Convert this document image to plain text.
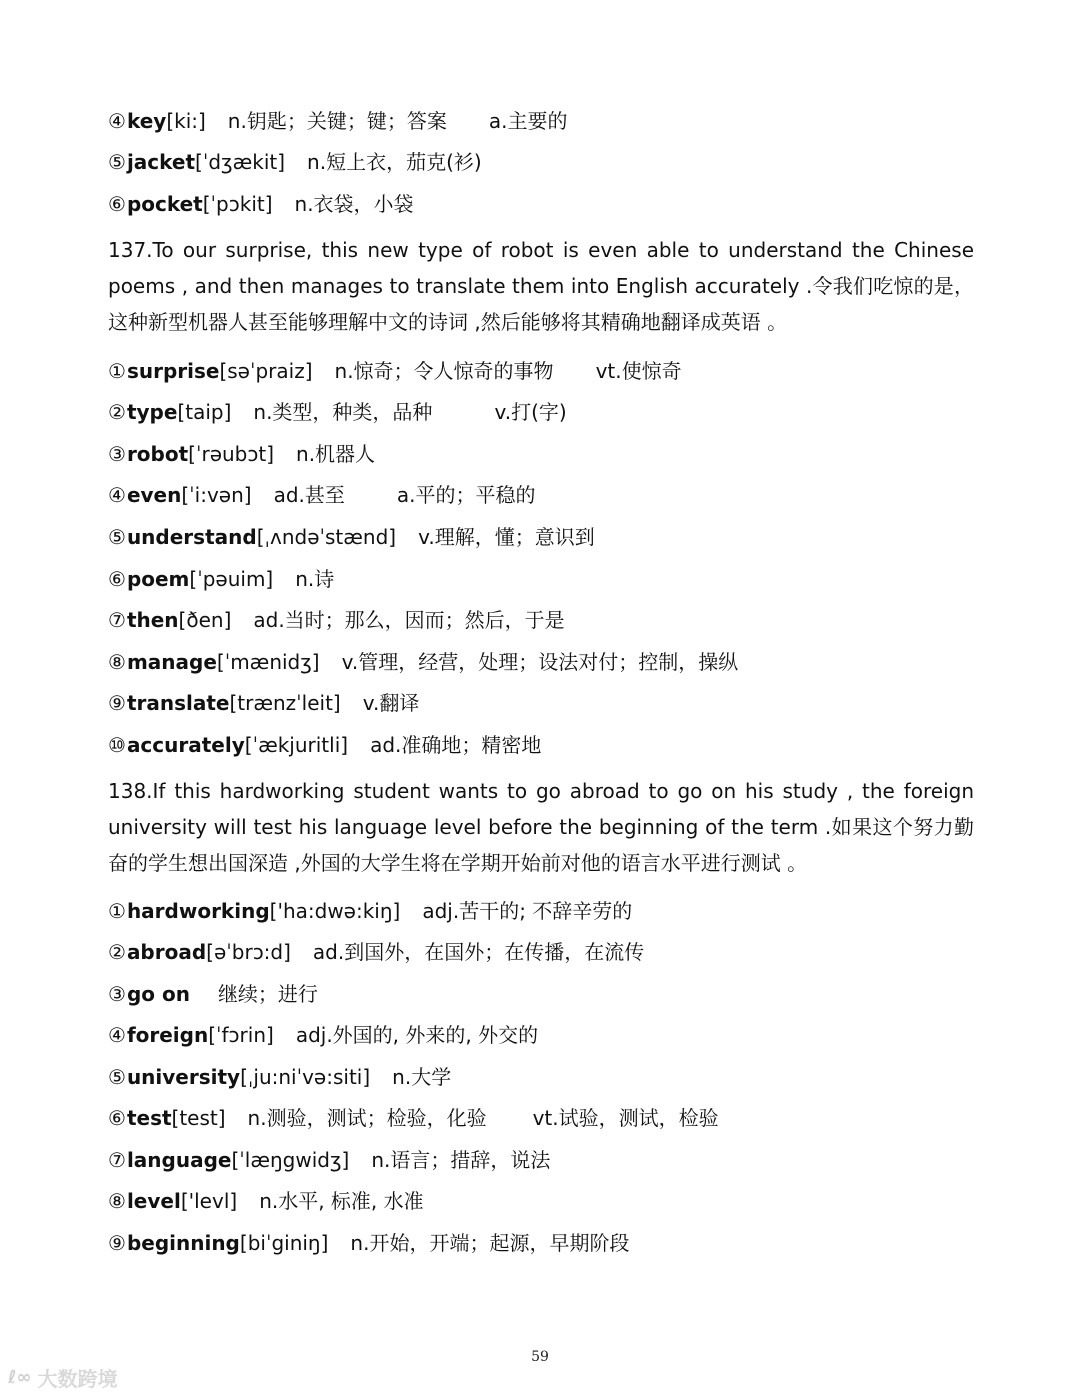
④key[ki:] n.钥匙；关键；键；答案 a.主要的
⑤jacket[ˈdʒækit] n.短上衣，茄克(衫)
⑥pocket[ˈpɔkit] n.衣袋，小袋
137.To our surprise, this new type of robot is even able to understand the Chinese
poems , and then manages to translate them into English accurately .令我们吃惊的是，
这种新型机器人甚至能够理解中文的诗词 ,然后能够将其精确地翻译成英语 。
①surprise[səˈpraiz] n.惊奇；令人惊奇的事物 vt.使惊奇
②type[taip] n.类型，种类，品种	v.打(字)
③robot[ˈrəubɔt] n.机器人
④even[ˈi:vən] ad.甚至	a.平的；平稳的
⑤understand[ˌʌndəˈstænd] v.理解，懂；意识到
⑥poem[ˈpəuim] n.诗
⑦then[ðen] ad.当时；那么，因而；然后，于是
⑧manage[ˈmænidʒ] v.管理，经营，处理；设法对付；控制，操纵
⑨translate[trænzˈleit] v.翻译
⑩accurately[ˈækjuritli] ad.准确地；精密地
138.If this hardworking student wants to go abroad to go on his study , the foreign
university will test his language level before the beginning of the term .如果这个努力勤
奋的学生想出国深造 ,外国的大学生将在学期开始前对他的语言水平进行测试 。
①hardworking['ha:dwə:kiŋ] adj.苦干的; 不辞辛劳的
②abroad[əˈbrɔ:d] ad.到国外，在国外；在传播，在流传
③go on 继续；进行
④foreign[ˈfɔrin] adj.外国的, 外来的, 外交的
⑤university[ˌju:niˈvə:siti] n.大学
⑥test[test] n.测验，测试；检验，化验 vt.试验，测试，检验
⑦language[ˈlæŋgwidʒ] n.语言；措辞，说法
⑧level['levl] n.水平, 标准, 水准
⑨beginning[biˈginiŋ] n.开始，开端；起源，早期阶段
59
ℓ∞ 大数跨境
